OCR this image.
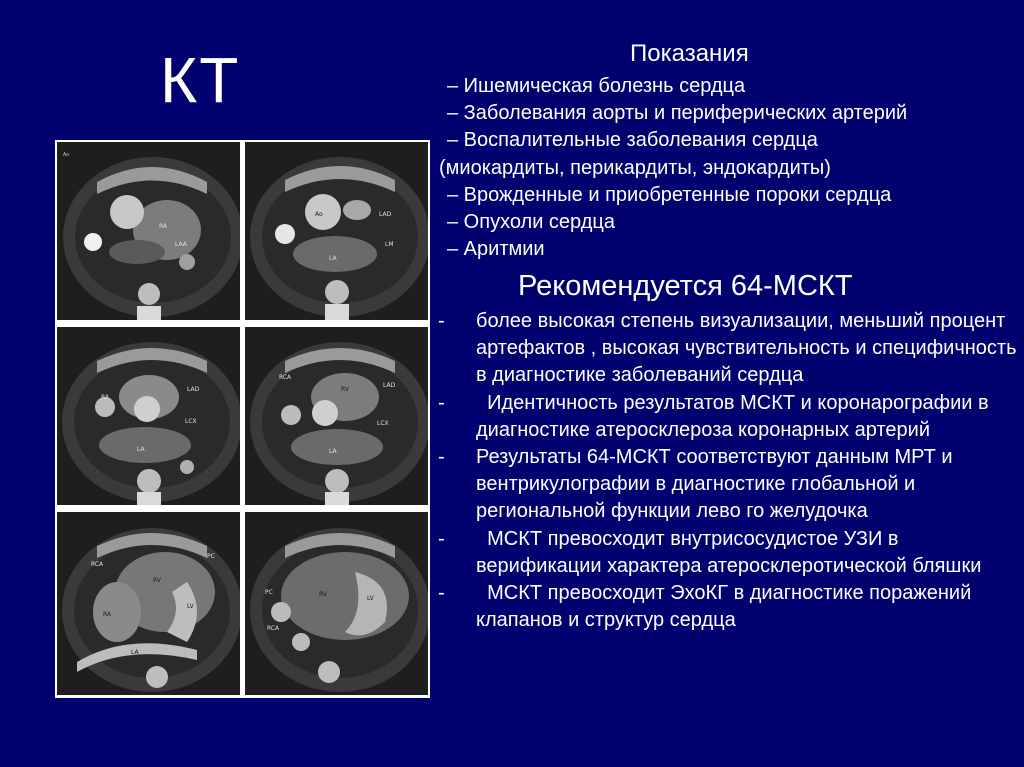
КТ	Показания
– Ишемическая болезнь сердца
– Заболевания аорты и периферических артерий
– Воспалительные заболевания сердца
(миокардиты, перикардиты, эндокардиты)
– Врожденные и приобретенные пороки сердца
– Опухоли сердца
– Аритмии
Рекомендуется 64-МСКТ
- более высокая степень визуализации, меньший процент артефактов , высокая чувствительность и специфичность в диагностике заболеваний сердца
- Идентичность результатов МСКТ и коронарографии в диагностике атеросклероза коронарных артерий
- Результаты 64-МСКТ соответствуют данным МРТ и вентрикулографии в диагностике глобальной и региональной функции лево го желудочка
- МСКТ превосходит внутрисосудистое УЗИ в верификации характера атеросклеротической бляшки
- МСКТ превосходит ЭхоКГ в диагностике поражений клапанов и структур сердца
Ao
RA
LAA
Ao	LAD
LM
LA
RA
LAD
LCX
LA
RCA
RV
LAD
LCX
LA
RCA
PC
RV
RA
LV
LA
PC	RV
LV
RCA
